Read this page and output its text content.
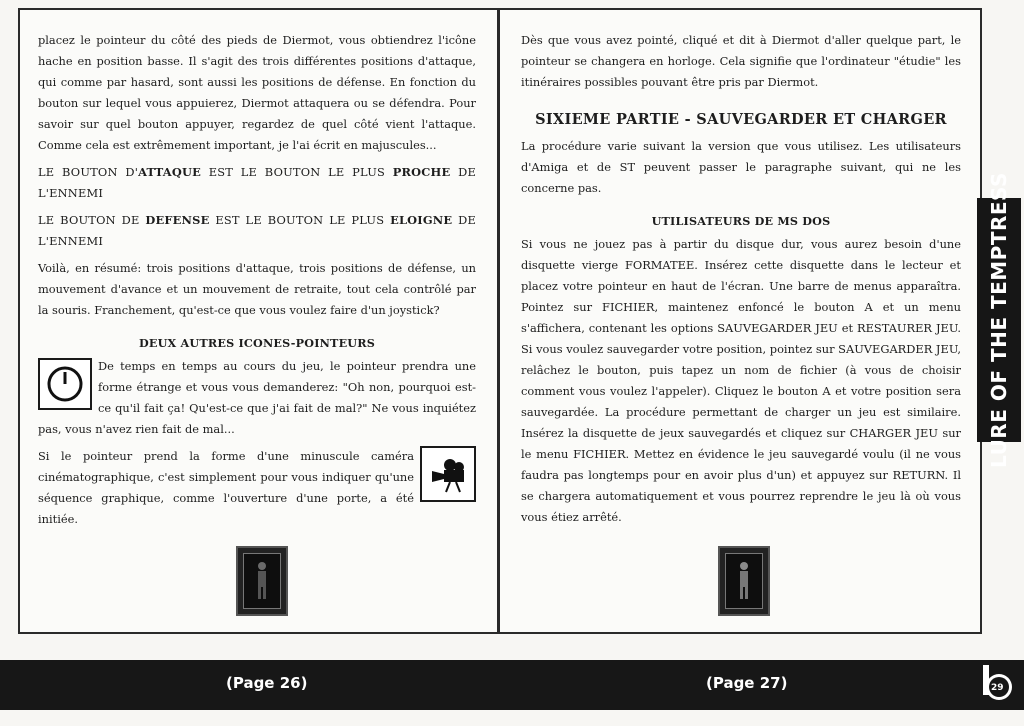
placez le pointeur du côté des pieds de Diermot, vous obtiendrez l'icône hache en position basse. Il s'agit des trois différentes positions d'attaque, qui comme par hasard, sont aussi les positions de défense. En fonction du bouton sur lequel vous appuierez, Diermot attaquera ou se défendra. Pour savoir sur quel bouton appuyer, regardez de quel côté vient l'attaque. Comme cela est extrêmement important, je l'ai écrit en majuscules...

LE BOUTON D'ATTAQUE EST LE BOUTON LE PLUS PROCHE DE L'ENNEMI

LE BOUTON DE DEFENSE EST LE BOUTON LE PLUS ELOIGNE DE L'ENNEMI

Voilà, en résumé: trois positions d'attaque, trois positions de défense, un mouvement d'avance et un mouvement de retraite, tout cela contrôlé par la souris. Franchement, qu'est-ce que vous voulez faire d'un joystick?

DEUX AUTRES ICONES-POINTEURS

De temps en temps au cours du jeu, le pointeur prendra une forme étrange et vous vous demanderez: "Oh non, pourquoi est-ce qu'il fait ça! Qu'est-ce que j'ai fait de mal?" Ne vous inquiétez pas, vous n'avez rien fait de mal...

Si le pointeur prend la forme d'une minuscule caméra cinématographique, c'est simplement pour vous indiquer qu'une séquence graphique, comme l'ouverture d'une porte, a été initiée.

Dès que vous avez pointé, cliqué et dit à Diermot d'aller quelque part, le pointeur se changera en horloge. Cela signifie que l'ordinateur "étudie" les itinéraires possibles pouvant être pris par Diermot.

SIXIEME PARTIE - SAUVEGARDER ET CHARGER

La procédure varie suivant la version que vous utilisez. Les utilisateurs d'Amiga et de ST peuvent passer le paragraphe suivant, qui ne les concerne pas.

UTILISATEURS DE MS DOS

Si vous ne jouez pas à partir du disque dur, vous aurez besoin d'une disquette vierge FORMATEE. Insérez cette disquette dans le lecteur et placez votre pointeur en haut de l'écran. Une barre de menus apparaîtra. Pointez sur FICHIER, maintenez enfoncé le bouton A et un menu s'affichera, contenant les options SAUVEGARDER JEU et RESTAURER JEU. Si vous voulez sauvegarder votre position, pointez sur SAUVEGARDER JEU, relâchez le bouton, puis tapez un nom de fichier (à vous de choisir comment vous voulez l'appeler). Cliquez le bouton A et votre position sera sauvegardée. La procédure permettant de charger un jeu est similaire. Insérez la disquette de jeux sauvegardés et cliquez sur CHARGER JEU sur le menu FICHIER. Mettez en évidence le jeu sauvegardé voulu (il ne vous faudra pas longtemps pour en avoir plus d'un) et appuyez sur RETURN. Il se chargera automatiquement et vous pourrez reprendre le jeu là où vous vous étiez arrêté.

LURE OF THE TEMPTRESS
(Page 26)	(Page 27)	29
